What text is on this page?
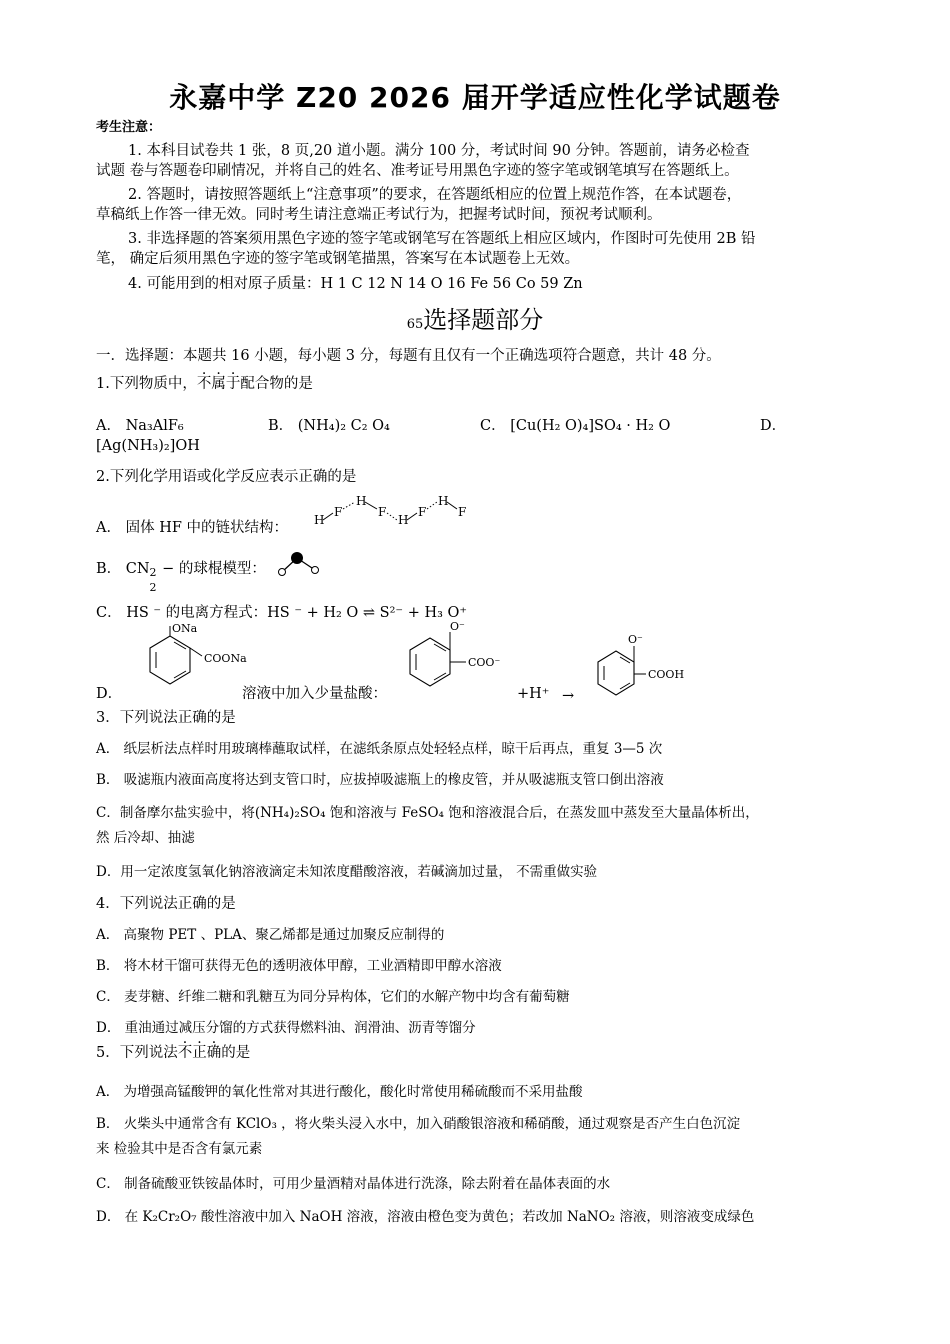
永嘉中学 Z20 2026 届开学适应性化学试题卷
考生注意：
1. 本科目试卷共 1 张，8 页,20 道小题。满分 100 分，考试时间 90 分钟。答题前，请务必检查
试题 卷与答题卷印刷情况，并将自己的姓名、准考证号用黑色字迹的签字笔或钢笔填写在答题纸上。
2. 答题时，请按照答题纸上“注意事项”的要求，在答题纸相应的位置上规范作答，在本试题卷，
草稿纸上作答一律无效。同时考生请注意端正考试行为，把握考试时间，预祝考试顺利。
3. 非选择题的答案须用黑色字迹的签字笔或钢笔写在答题纸上相应区域内，作图时可先使用 2B 铅
笔， 确定后须用黑色字迹的签字笔或钢笔描黑，答案写在本试题卷上无效。
4. 可能用到的相对原子质量：H 1 C 12 N 14 O 16 Fe 56 Co 59 Zn
65选择题部分
一．选择题：本题共 16 小题，每小题 3 分，每题有且仅有一个正确选项符合题意，共计 48 分。
1.下列物质中，不属于配合物的是
A． Na₃AlF₆	B． (NH₄)₂ C₂ O₄	C． [Cu(H₂ O)₄]SO₄ · H₂ O	D．
[Ag(NH₃)₂]OH
2.下列化学用语或化学反应表示正确的是
A． 固体 HF 中的链状结构： H
F
H
F
H
F
H
F
B． CN 2
2
− 的球棍模型：
C． HS ⁻ 的电离方程式：HS ⁻ + H₂ O ⇌ S²⁻ + H₃ O⁺
D．
ONa
COONa
溶液中加入少量盐酸：
O⁻
COO⁻
+H⁺ →
O⁻
COOH
3．下列说法正确的是
A． 纸层析法点样时用玻璃棒蘸取试样，在滤纸条原点处轻轻点样，晾干后再点，重复 3—5 次
B． 吸滤瓶内液面高度将达到支管口时，应拔掉吸滤瓶上的橡皮管，并从吸滤瓶支管口倒出溶液
C．制备摩尔盐实验中，将(NH₄)₂SO₄ 饱和溶液与 FeSO₄ 饱和溶液混合后，在蒸发皿中蒸发至大量晶体析出，
然 后冷却、抽滤
D．用一定浓度氢氧化钠溶液滴定未知浓度醋酸溶液，若碱滴加过量， 不需重做实验
4．下列说法正确的是
A． 高聚物 PET 、PLA、聚乙烯都是通过加聚反应制得的
B． 将木材干馏可获得无色的透明液体甲醇，工业酒精即甲醇水溶液
C． 麦芽糖、纤维二糖和乳糖互为同分异构体，它们的水解产物中均含有葡萄糖
D． 重油通过减压分馏的方式获得燃料油、润滑油、沥青等馏分
5．下列说法不正确的是
A． 为增强高锰酸钾的氧化性常对其进行酸化，酸化时常使用稀硫酸而不采用盐酸
B． 火柴头中通常含有 KClO₃ ，将火柴头浸入水中，加入硝酸银溶液和稀硝酸，通过观察是否产生白色沉淀
来 检验其中是否含有氯元素
C． 制备硫酸亚铁铵晶体时，可用少量酒精对晶体进行洗涤，除去附着在晶体表面的水
D． 在 K₂Cr₂O₇ 酸性溶液中加入 NaOH 溶液，溶液由橙色变为黄色；若改加 NaNO₂ 溶液，则溶液变成绿色
